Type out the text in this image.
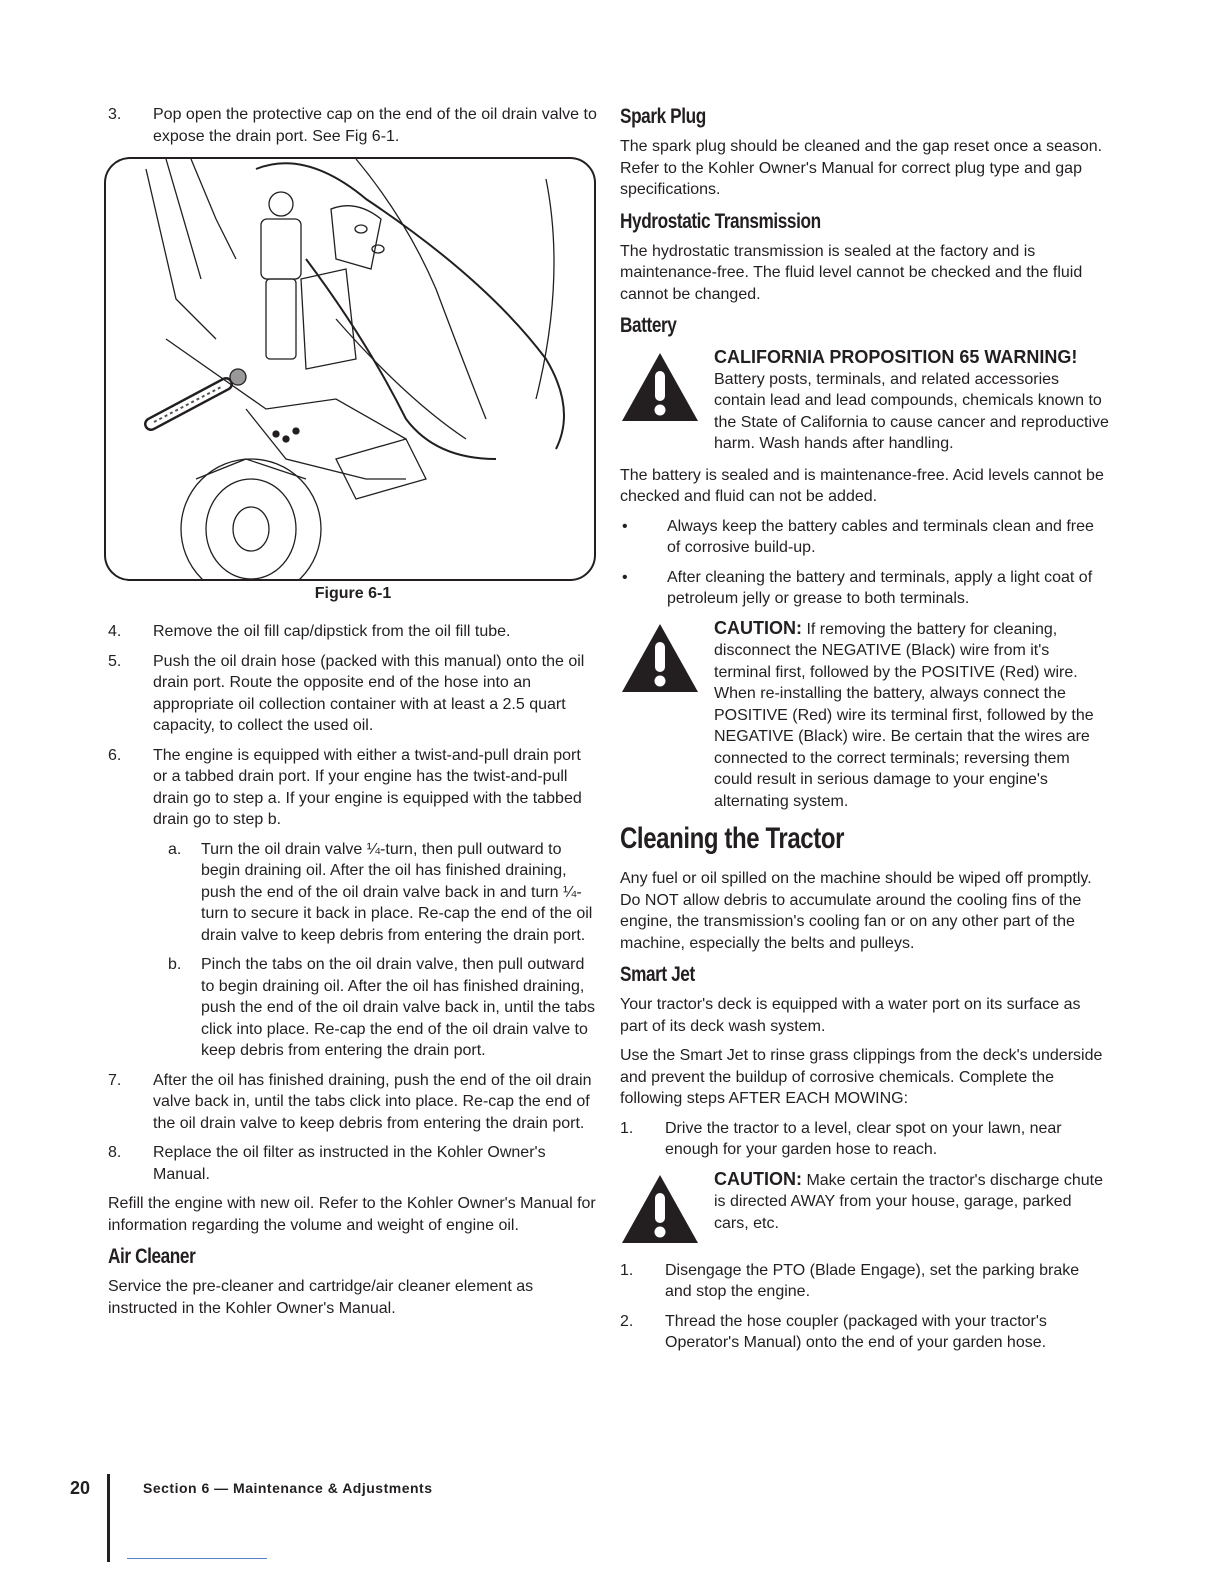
3.	Pop open the protective cap on the end of the oil drain valve to expose the drain port. See Fig 6-1.
Figure 6-1
4.	Remove the oil fill cap/dipstick from the oil fill tube.
5.	Push the oil drain hose (packed with this manual) onto the oil drain port. Route the opposite end of the hose into an appropriate oil collection container with at least a 2.5 quart capacity, to collect the used oil.
6.	The engine is equipped with either a twist-and-pull drain port or a tabbed drain port. If your engine has the twist-and-pull drain go to step a. If your engine is equipped with the tabbed drain go to step b.
a.	Turn the oil drain valve ¼-turn, then pull outward to begin draining oil. After the oil has finished draining, push the end of the oil drain valve back in and turn ¼-turn to secure it back in place. Re-cap the end of the oil drain valve to keep debris from entering the drain port.
b.	Pinch the tabs on the oil drain valve, then pull outward to begin draining oil. After the oil has finished draining, push the end of the oil drain valve back in, until the tabs click into place. Re-cap the end of the oil drain valve to keep debris from entering the drain port.
7.	After the oil has finished draining, push the end of the oil drain valve back in, until the tabs click into place. Re-cap the end of the oil drain valve to keep debris from entering the drain port.
8.	Replace the oil filter as instructed in the Kohler Owner's Manual.

Refill the engine with new oil. Refer to the Kohler Owner's Manual for information regarding the volume and weight of engine oil.

Air Cleaner

Service the pre-cleaner and cartridge/air cleaner element as instructed in the Kohler Owner's Manual.

Spark Plug

The spark plug should be cleaned and the gap reset once a season. Refer to the Kohler Owner's Manual for correct plug type and gap specifications.

Hydrostatic Transmission

The hydrostatic transmission is sealed at the factory and is maintenance-free. The fluid level cannot be checked and the fluid cannot be changed.

Battery
CALIFORNIA PROPOSITION 65 WARNING!
Battery posts, terminals, and related accessories contain lead and lead compounds, chemicals known to the State of California to cause cancer and reproductive harm. Wash hands after handling.

The battery is sealed and is maintenance-free. Acid levels cannot be checked and fluid can not be added.

•	Always keep the battery cables and terminals clean and free of corrosive build-up.
•	After cleaning the battery and terminals, apply a light coat of petroleum jelly or grease to both terminals.
CAUTION: If removing the battery for cleaning, disconnect the NEGATIVE (Black) wire from it's terminal first, followed by the POSITIVE (Red) wire. When re-installing the battery, always connect the POSITIVE (Red) wire its terminal first, followed by the NEGATIVE (Black) wire. Be certain that the wires are connected to the correct terminals; reversing them could result in serious damage to your engine's alternating system.
Cleaning the Tractor

Any fuel or oil spilled on the machine should be wiped off promptly. Do NOT allow debris to accumulate around the cooling fins of the engine, the transmission's cooling fan or on any other part of the machine, especially the belts and pulleys.

Smart Jet

Your tractor's deck is equipped with a water port on its surface as part of its deck wash system.

Use the Smart Jet to rinse grass clippings from the deck's underside and prevent the buildup of corrosive chemicals. Complete the following steps AFTER EACH MOWING:

1.	Drive the tractor to a level, clear spot on your lawn, near enough for your garden hose to reach.
CAUTION: Make certain the tractor's discharge chute is directed AWAY from your house, garage, parked cars, etc.
1.	Disengage the PTO (Blade Engage), set the parking brake and stop the engine.
2.	Thread the hose coupler (packaged with your tractor's Operator's Manual) onto the end of your garden hose.
20	Section 6 — Maintenance & Adjustments
